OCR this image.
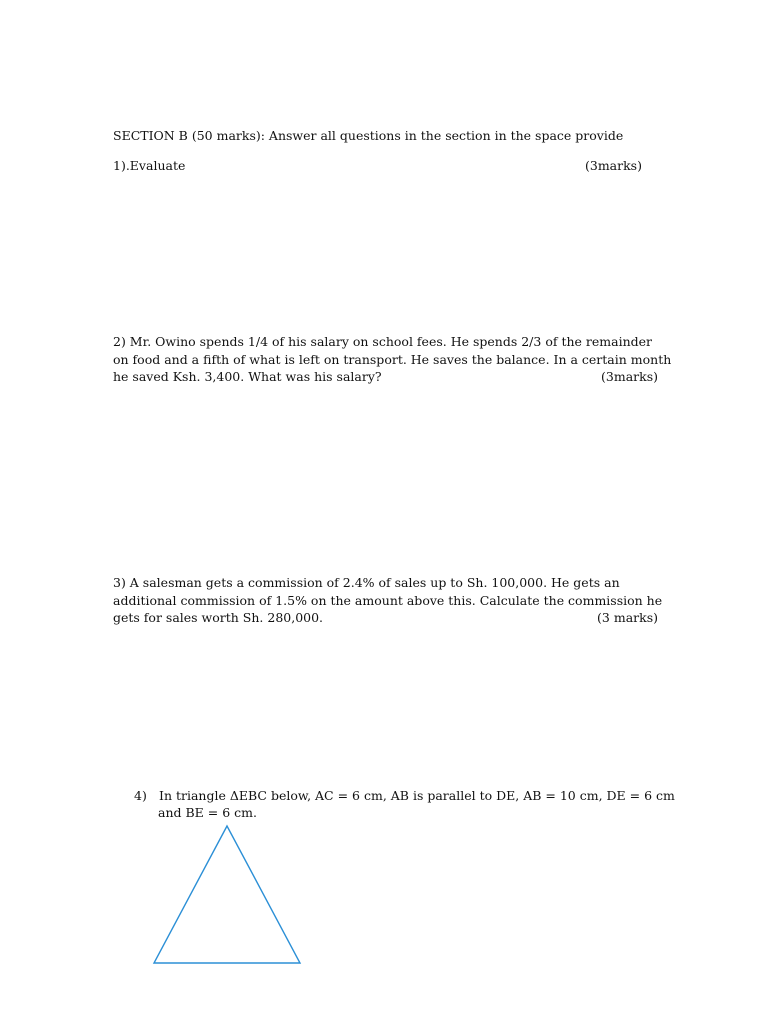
SECTION B (50 marks): Answer all questions in the section in the space provide
1).Evaluate	(3marks)
2) Mr. Owino spends 1/4 of his salary on school fees. He spends 2/3 of the remainder
on food and a fifth of what is left on transport. He saves the balance. In a certain month
he saved Ksh. 3,400. What was his salary?	(3marks)
3) A salesman gets a commission of 2.4% of sales up to Sh. 100,000. He gets an
additional commission of 1.5% on the amount above this. Calculate the commission he
gets for sales worth Sh. 280,000.	(3 marks)
4) In triangle ΔEBC below, AC = 6 cm, AB is parallel to DE, AB = 10 cm, DE = 6 cm
and BE = 6 cm.
